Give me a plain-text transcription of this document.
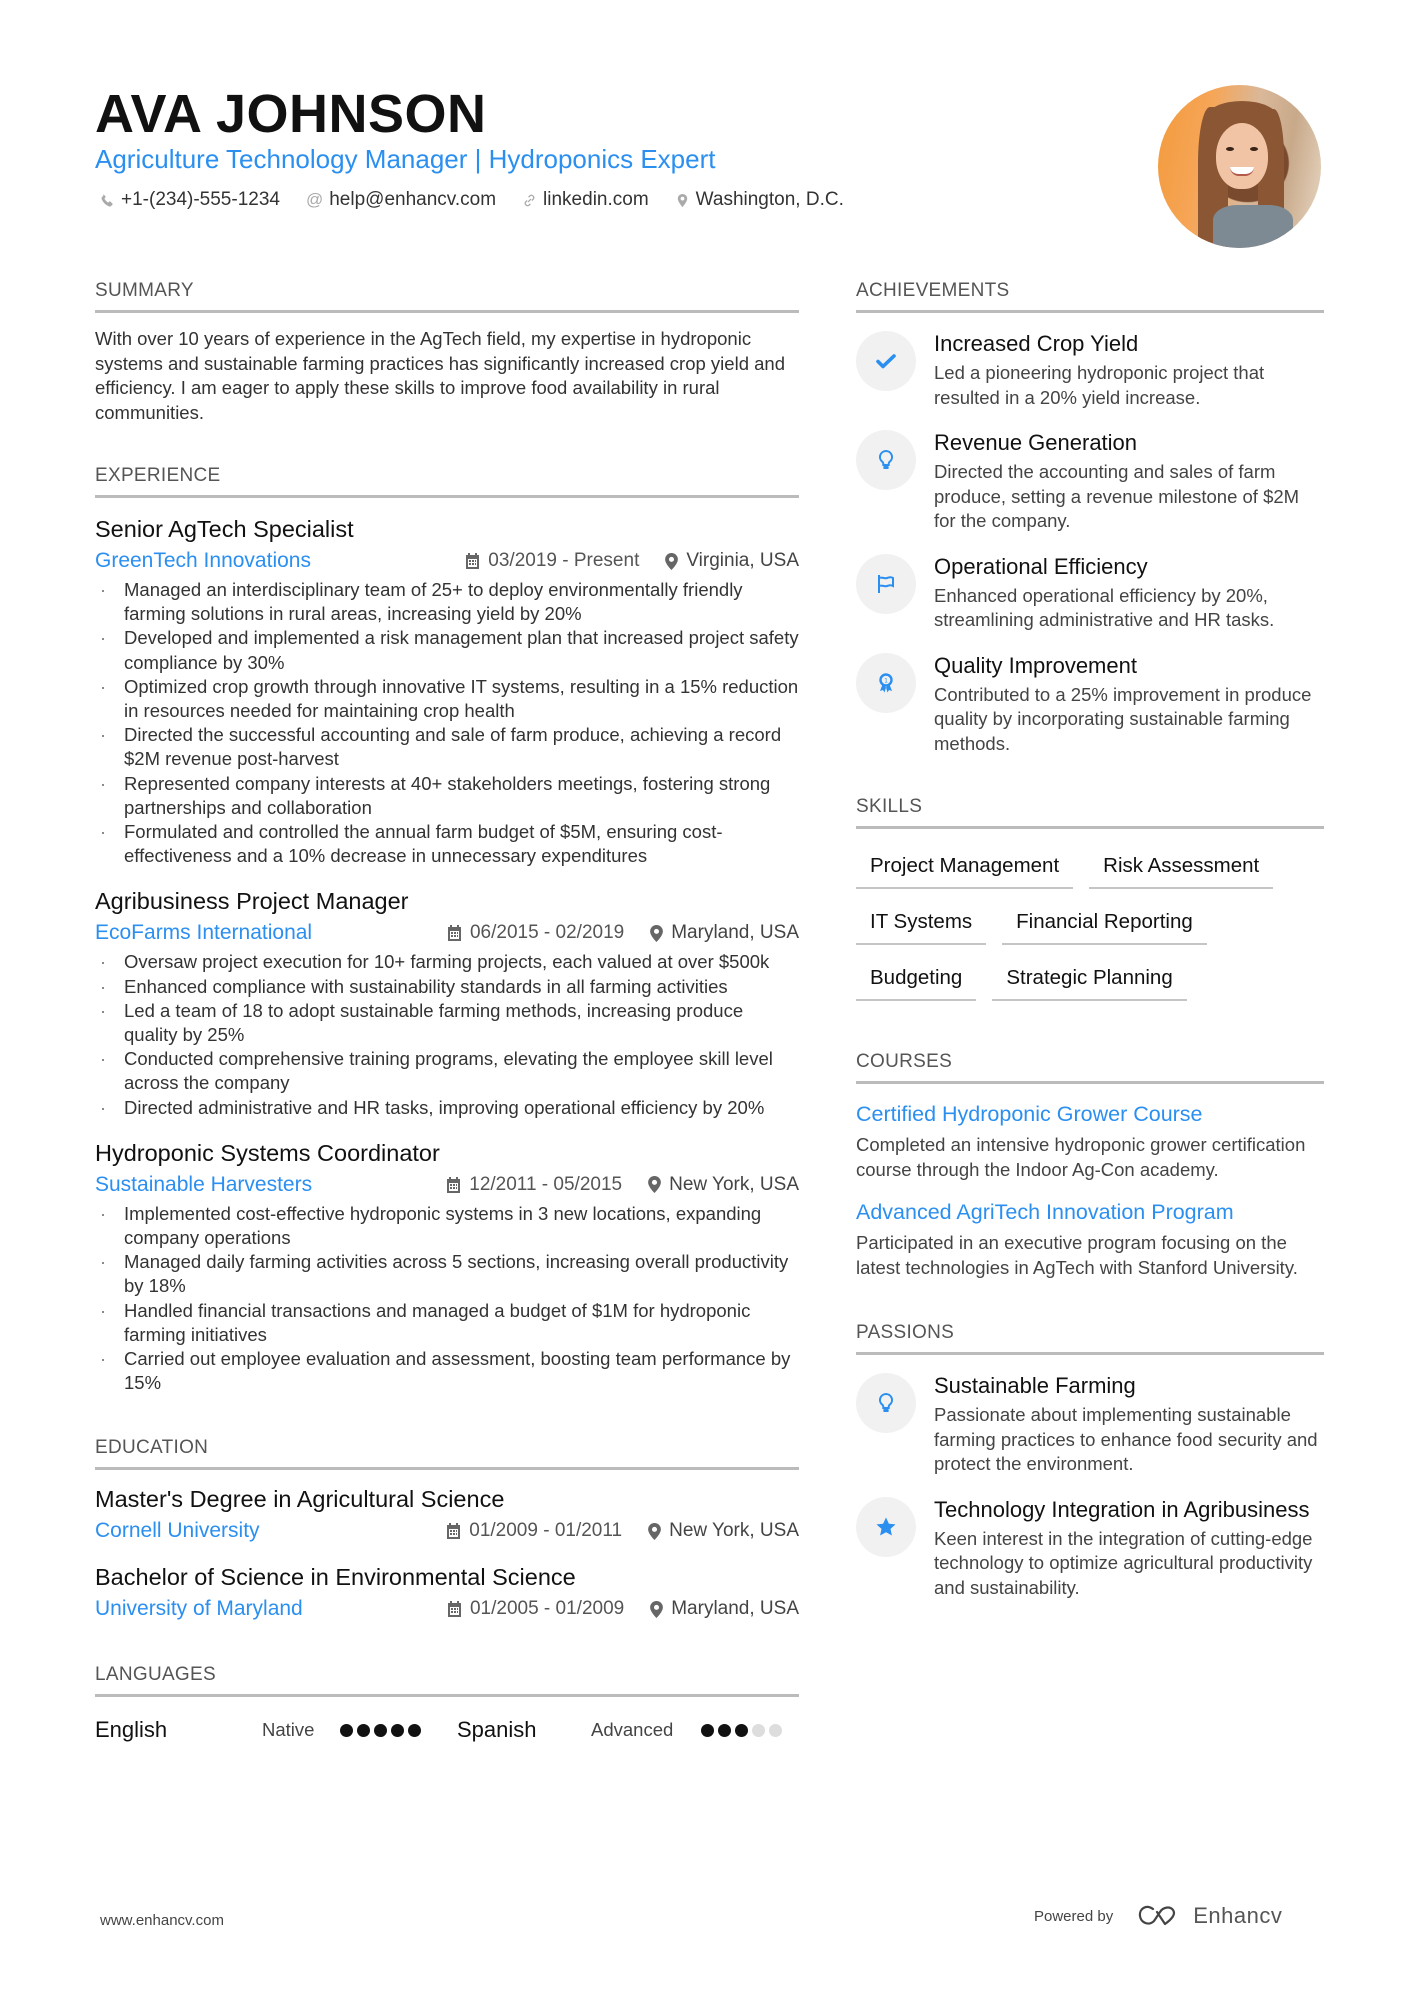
AVA JOHNSON
Agriculture Technology Manager | Hydroponics Expert
+1-(234)-555-1234 @ help@enhancv.com linkedin.com Washington, D.C.
SUMMARY

With over 10 years of experience in the AgTech field, my expertise in hydroponic systems and sustainable farming practices has significantly increased crop yield and efficiency. I am eager to apply these skills to improve food availability in rural communities.

EXPERIENCE
Senior AgTech Specialist
GreenTech Innovations	03/2019 - Present Virginia, USA
· Managed an interdisciplinary team of 25+ to deploy environmentally friendly farming solutions in rural areas, increasing yield by 20%
· Developed and implemented a risk management plan that increased project safety compliance by 30%
· Optimized crop growth through innovative IT systems, resulting in a 15% reduction in resources needed for maintaining crop health
· Directed the successful accounting and sale of farm produce, achieving a record $2M revenue post-harvest
· Represented company interests at 40+ stakeholders meetings, fostering strong partnerships and collaboration
· Formulated and controlled the annual farm budget of $5M, ensuring cost-effectiveness and a 10% decrease in unnecessary expenditures
Agribusiness Project Manager
EcoFarms International	06/2015 - 02/2019 Maryland, USA
· Oversaw project execution for 10+ farming projects, each valued at over $500k
· Enhanced compliance with sustainability standards in all farming activities
· Led a team of 18 to adopt sustainable farming methods, increasing produce quality by 25%
· Conducted comprehensive training programs, elevating the employee skill level across the company
· Directed administrative and HR tasks, improving operational efficiency by 20%
Hydroponic Systems Coordinator
Sustainable Harvesters	12/2011 - 05/2015 New York, USA
· Implemented cost-effective hydroponic systems in 3 new locations, expanding company operations
· Managed daily farming activities across 5 sections, increasing overall productivity by 18%
· Handled financial transactions and managed a budget of $1M for hydroponic farming initiatives
· Carried out employee evaluation and assessment, boosting team performance by 15%
EDUCATION
Master's Degree in Agricultural Science
Cornell University	01/2009 - 01/2011 New York, USA
Bachelor of Science in Environmental Science
University of Maryland	01/2005 - 01/2009 Maryland, USA
LANGUAGES
English	Native	Spanish	Advanced
ACHIEVEMENTS
Increased Crop Yield
Led a pioneering hydroponic project that resulted in a 20% yield increase.
Revenue Generation
Directed the accounting and sales of farm produce, setting a revenue milestone of $2M for the company.
Operational Efficiency
Enhanced operational efficiency by 20%, streamlining administrative and HR tasks.
1
Quality Improvement
Contributed to a 25% improvement in produce quality by incorporating sustainable farming methods.
SKILLS
Project Management	Risk Assessment
IT Systems	Financial Reporting
Budgeting	Strategic Planning
COURSES
Certified Hydroponic Grower Course
Completed an intensive hydroponic grower certification course through the Indoor Ag-Con academy.
Advanced AgriTech Innovation Program
Participated in an executive program focusing on the latest technologies in AgTech with Stanford University.
PASSIONS
Sustainable Farming
Passionate about implementing sustainable farming practices to enhance food security and protect the environment.
Technology Integration in Agribusiness
Keen interest in the integration of cutting-edge technology to optimize agricultural productivity and sustainability.
www.enhancv.com	Powered by	Enhancv
